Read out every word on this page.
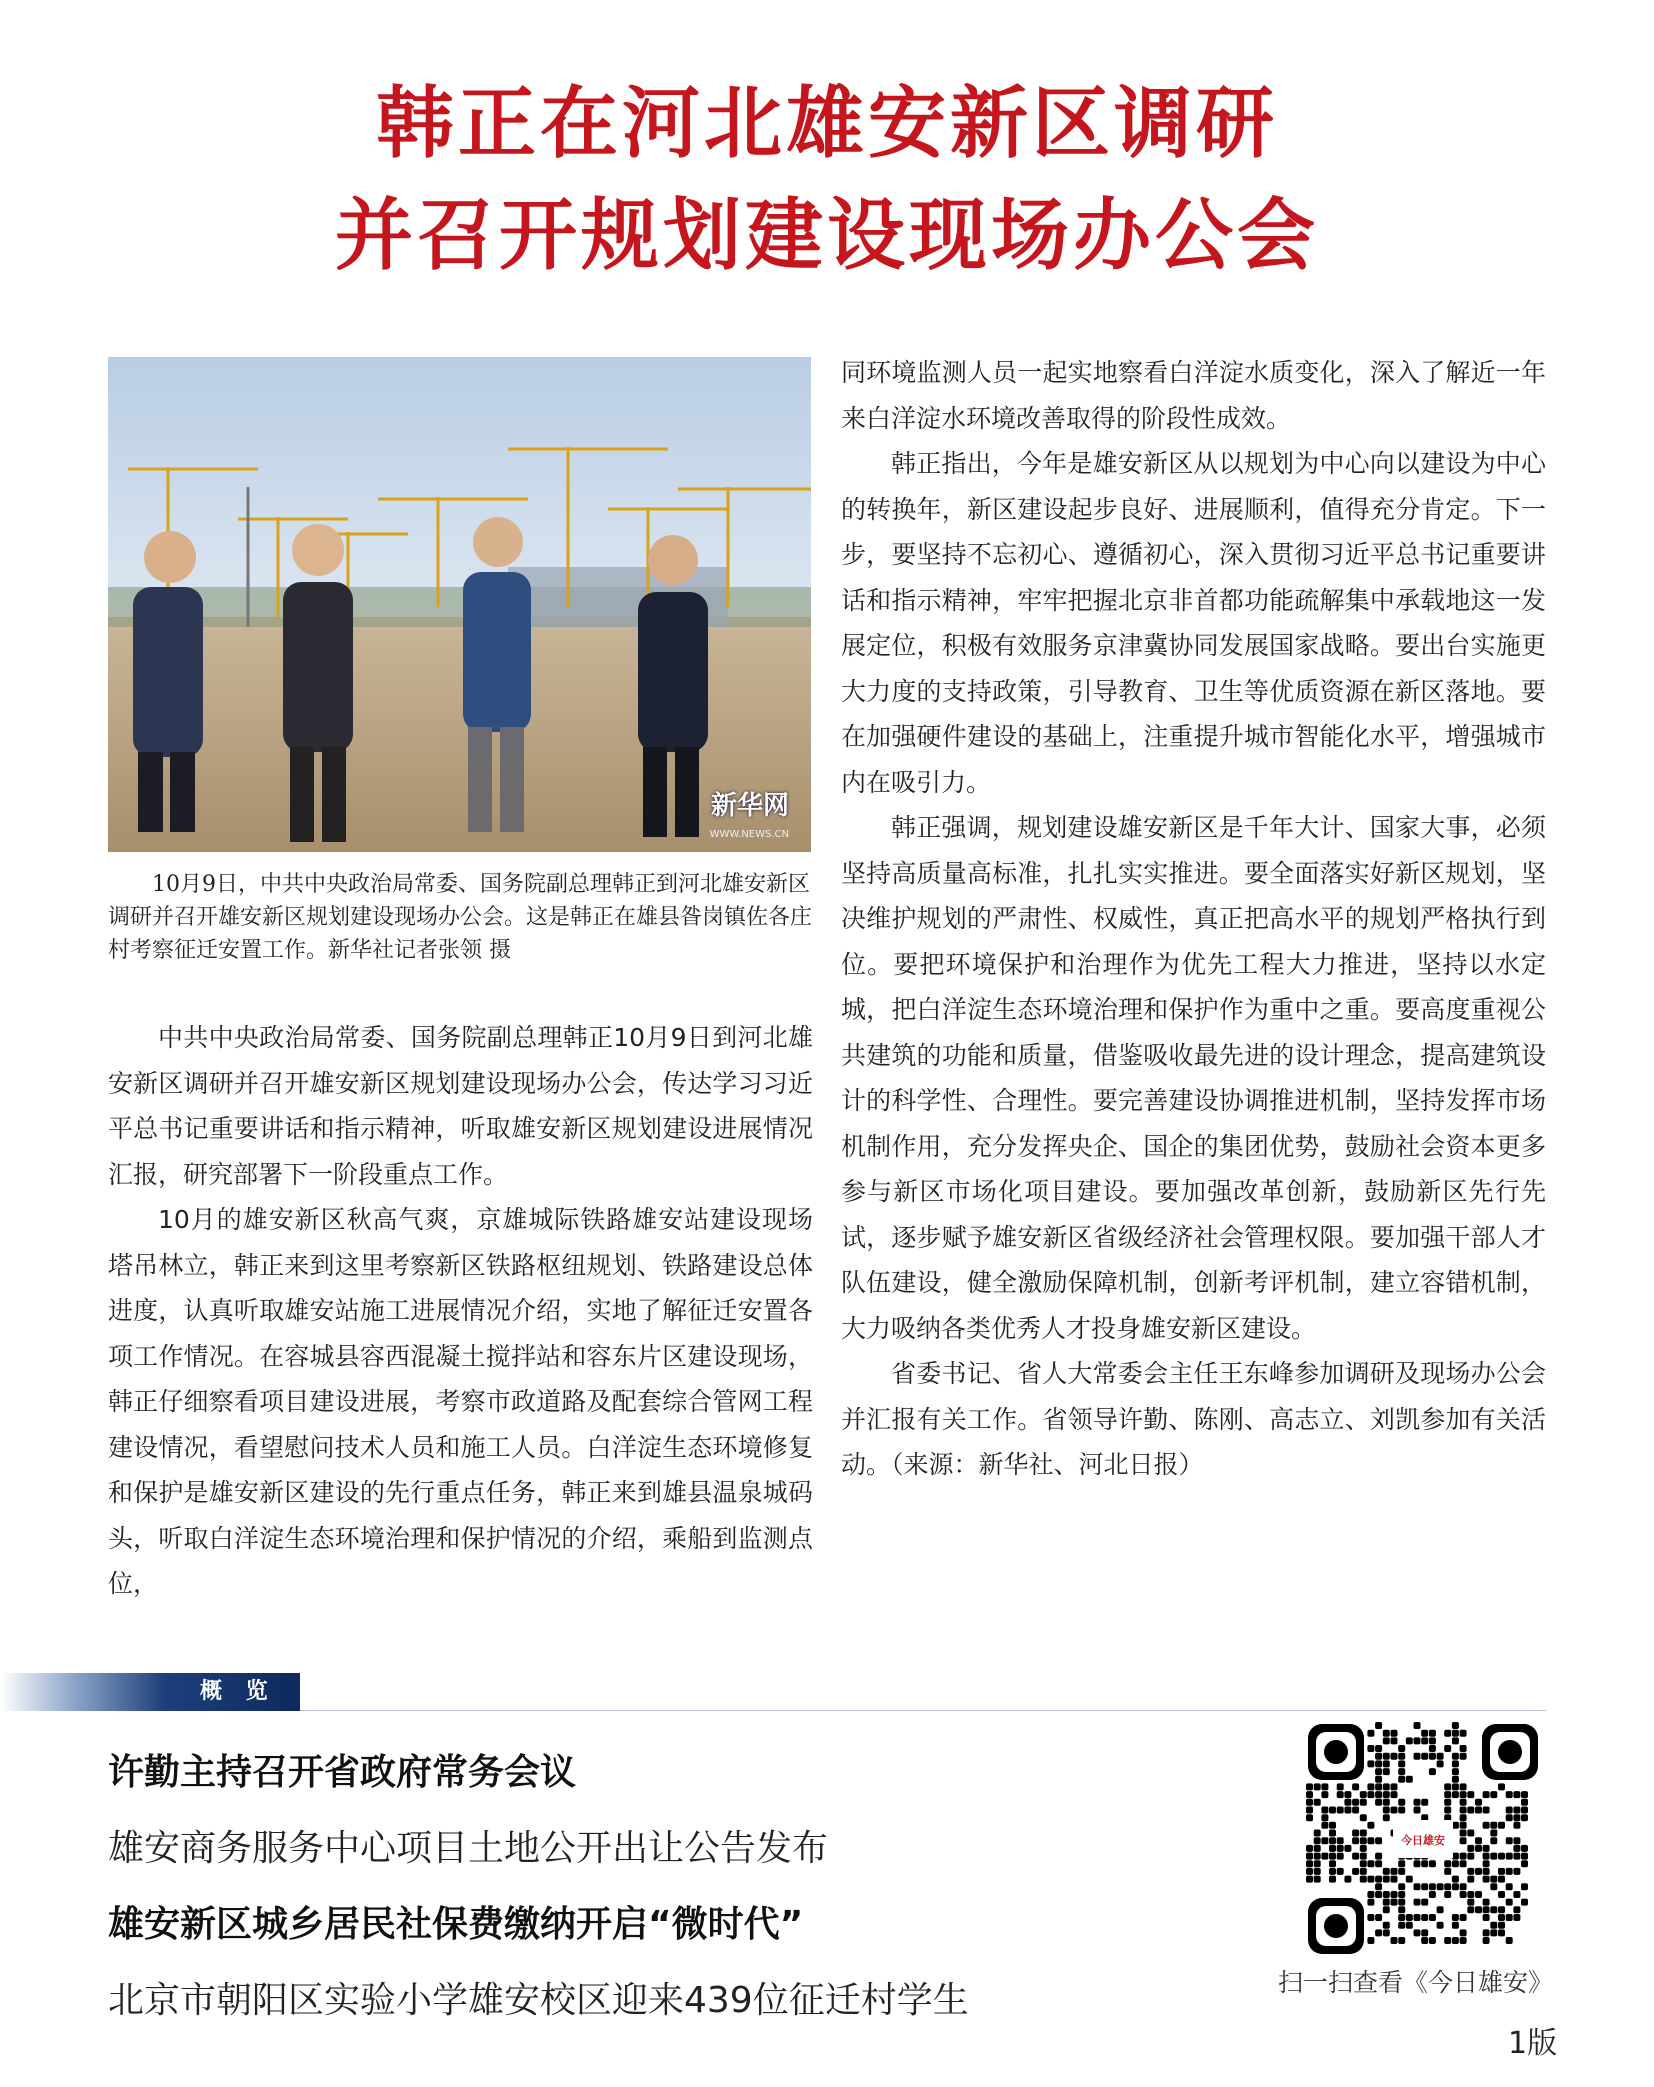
韩正在河北雄安新区调研
并召开规划建设现场办公会
新华网
WWW.NEWS.CN
10月9日，中共中央政治局常委、国务院副总理韩正到河北雄安新区调研并召开雄安新区规划建设现场办公会。这是韩正在雄县昝岗镇佐各庄村考察征迁安置工作。新华社记者张领 摄

中共中央政治局常委、国务院副总理韩正10月9日到河北雄安新区调研并召开雄安新区规划建设现场办公会，传达学习习近平总书记重要讲话和指示精神，听取雄安新区规划建设进展情况汇报，研究部署下一阶段重点工作。

10月的雄安新区秋高气爽，京雄城际铁路雄安站建设现场塔吊林立，韩正来到这里考察新区铁路枢纽规划、铁路建设总体进度，认真听取雄安站施工进展情况介绍，实地了解征迁安置各项工作情况。在容城县容西混凝土搅拌站和容东片区建设现场，韩正仔细察看项目建设进展，考察市政道路及配套综合管网工程建设情况，看望慰问技术人员和施工人员。白洋淀生态环境修复和保护是雄安新区建设的先行重点任务，韩正来到雄县温泉城码头，听取白洋淀生态环境治理和保护情况的介绍，乘船到监测点位，

同环境监测人员一起实地察看白洋淀水质变化，深入了解近一年来白洋淀水环境改善取得的阶段性成效。

韩正指出，今年是雄安新区从以规划为中心向以建设为中心的转换年，新区建设起步良好、进展顺利，值得充分肯定。下一步，要坚持不忘初心、遵循初心，深入贯彻习近平总书记重要讲话和指示精神，牢牢把握北京非首都功能疏解集中承载地这一发展定位，积极有效服务京津冀协同发展国家战略。要出台实施更大力度的支持政策，引导教育、卫生等优质资源在新区落地。要在加强硬件建设的基础上，注重提升城市智能化水平，增强城市内在吸引力。

韩正强调，规划建设雄安新区是千年大计、国家大事，必须坚持高质量高标准，扎扎实实推进。要全面落实好新区规划，坚决维护规划的严肃性、权威性，真正把高水平的规划严格执行到位。要把环境保护和治理作为优先工程大力推进，坚持以水定城，把白洋淀生态环境治理和保护作为重中之重。要高度重视公共建筑的功能和质量，借鉴吸收最先进的设计理念，提高建筑设计的科学性、合理性。要完善建设协调推进机制，坚持发挥市场机制作用，充分发挥央企、国企的集团优势，鼓励社会资本更多参与新区市场化项目建设。要加强改革创新，鼓励新区先行先试，逐步赋予雄安新区省级经济社会管理权限。要加强干部人才队伍建设，健全激励保障机制，创新考评机制，建立容错机制，大力吸纳各类优秀人才投身雄安新区建设。

省委书记、省人大常委会主任王东峰参加调研及现场办公会并汇报有关工作。省领导许勤、陈刚、高志立、刘凯参加有关活动。（来源：新华社、河北日报）

概 览
许勤主持召开省政府常务会议
雄安商务服务中心项目土地公开出让公告发布
雄安新区城乡居民社保费缴纳开启“微时代”
北京市朝阳区实验小学雄安校区迎来439位征迁村学生
今日雄安
扫一扫查看《今日雄安》
1版
